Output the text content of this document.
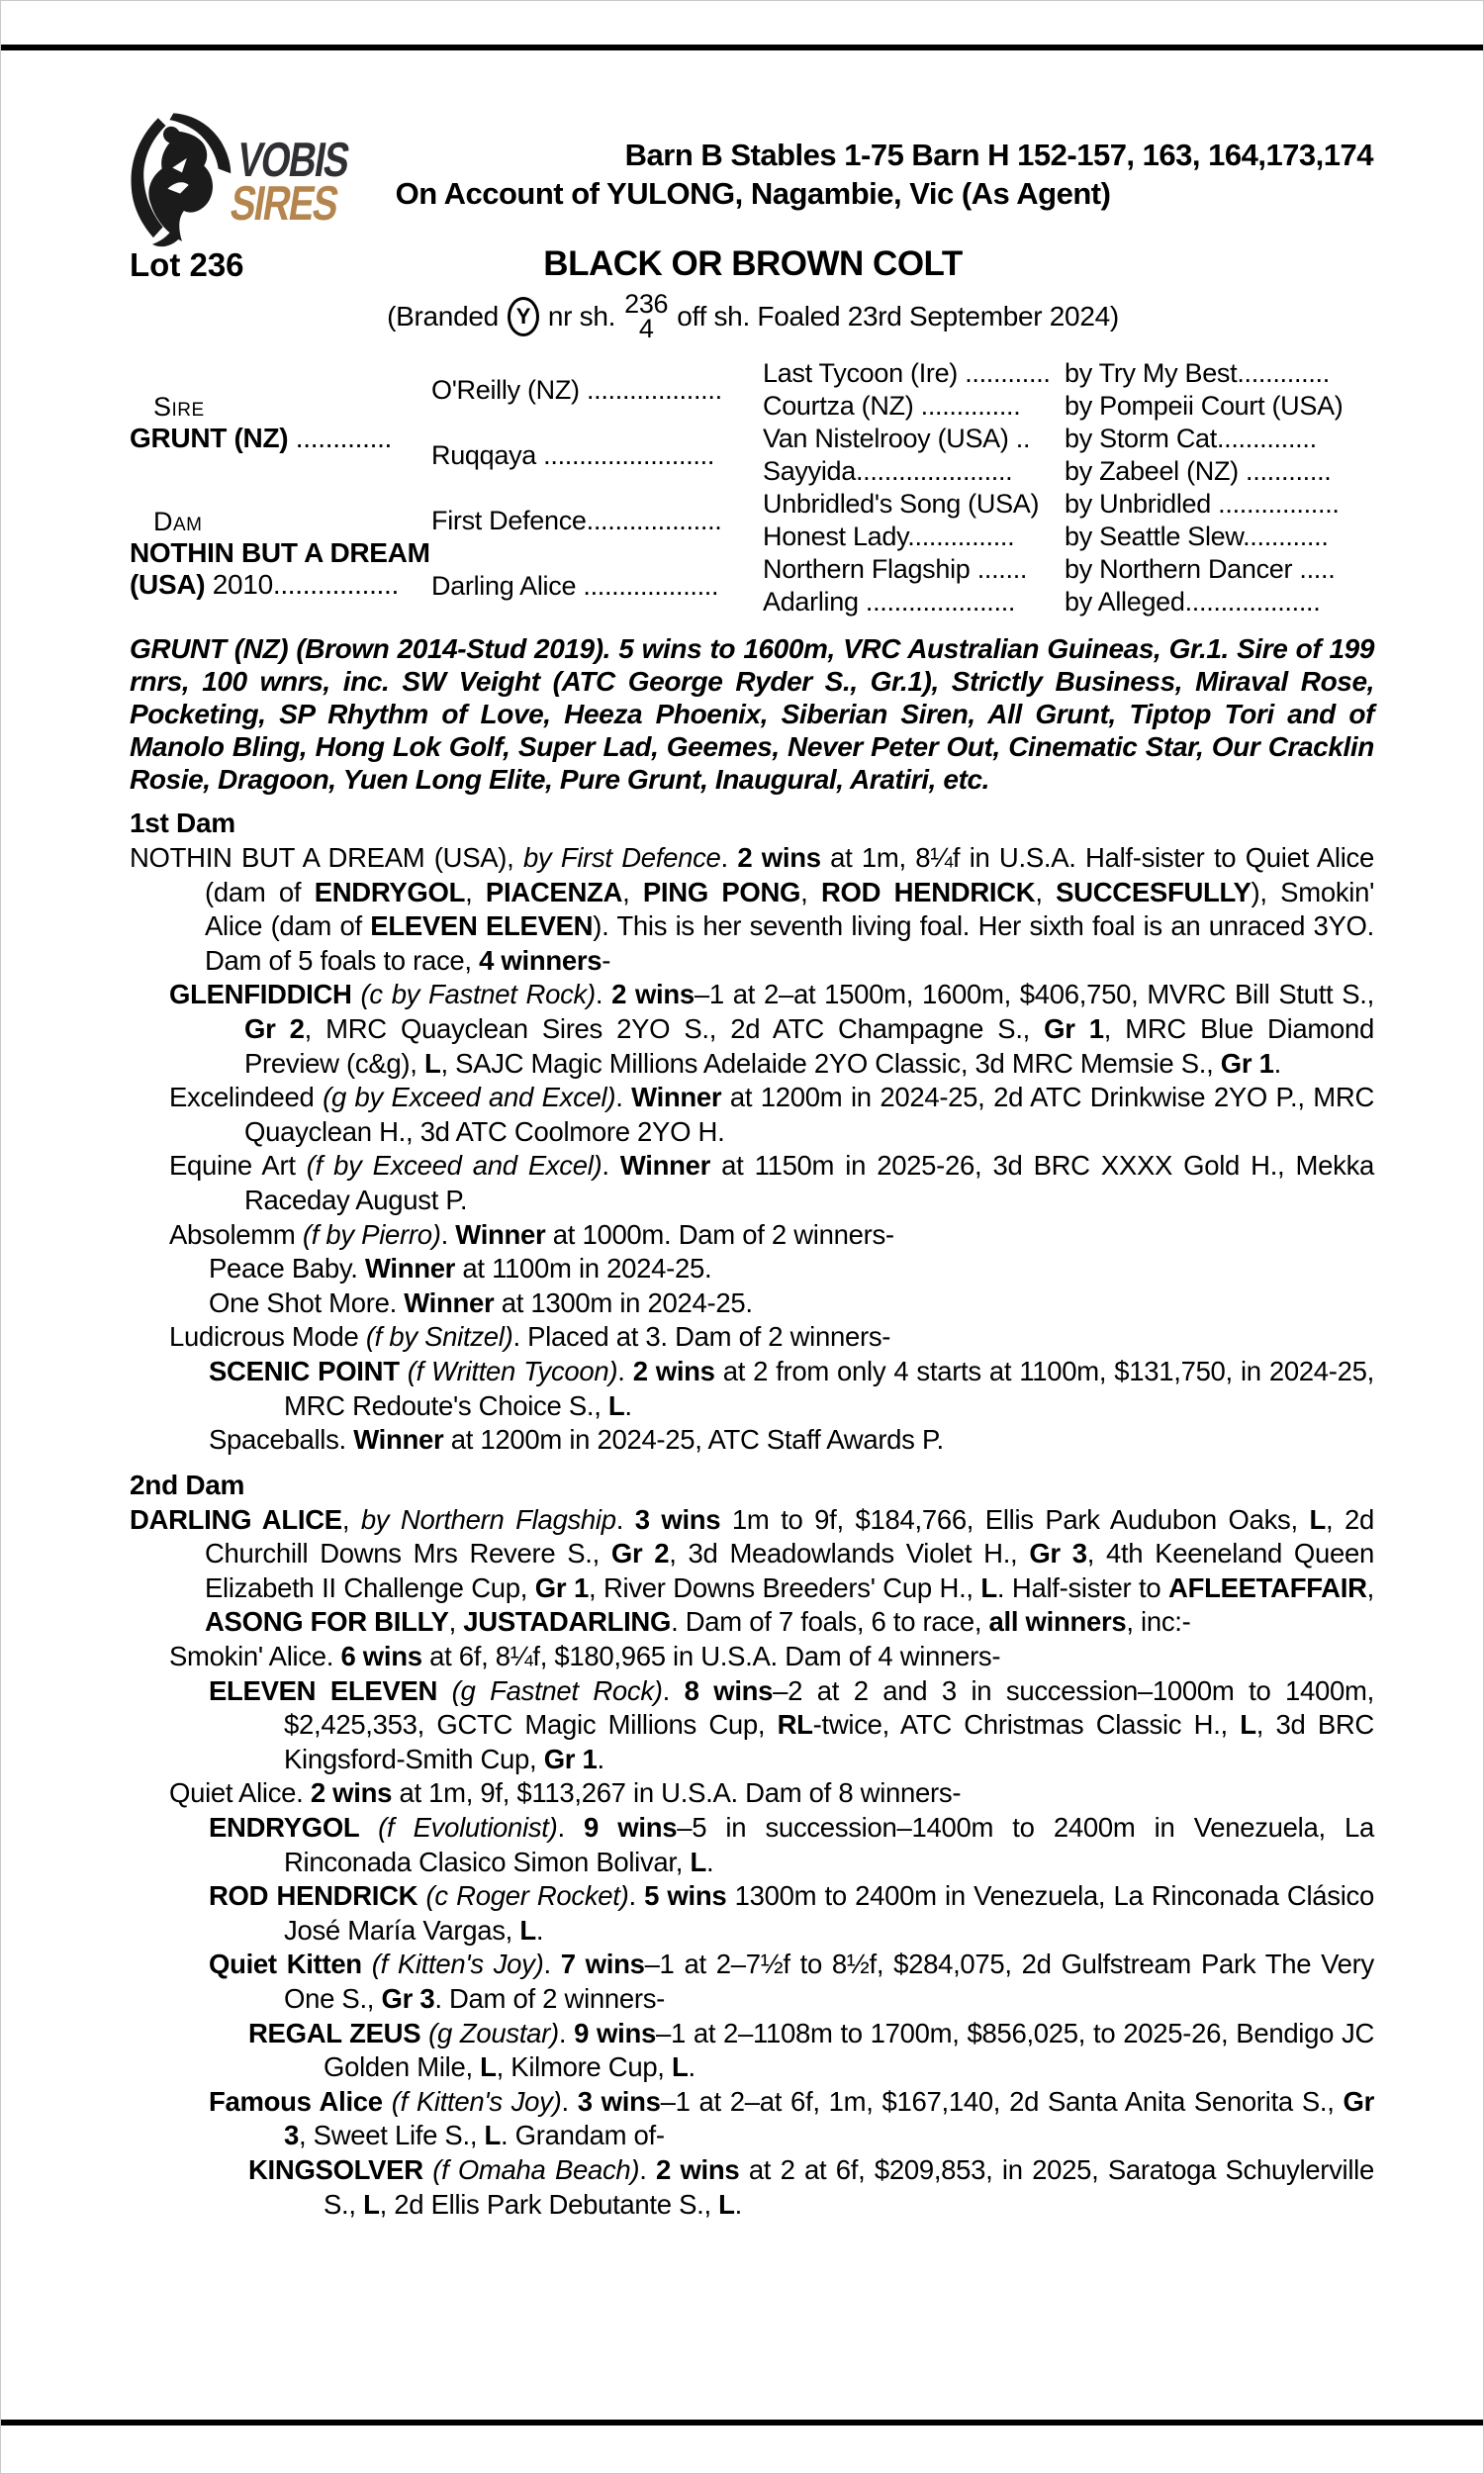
VOBIS
SIRES
Barn B Stables 1-75 Barn H 152-157, 163, 164,173,174
On Account of YULONG, Nagambie, Vic (As Agent)
Lot 236	BLACK OR BROWN COLT
(Branded Y nr sh. 236
4 off sh. Foaled 23rd September 2024)
Sire
GRUNT (NZ) .............
Dam
NOTHIN BUT A DREAM (USA) 2010.................
O'Reilly (NZ) ...................
Ruqqaya ........................
First Defence...................
Darling Alice ...................
Last Tycoon (Ire) ............
Courtza (NZ) ..............
Van Nistelrooy (USA) ..
Sayyida......................
Unbridled's Song (USA)
Honest Lady...............
Northern Flagship .......
Adarling .....................
by Try My Best.............
by Pompeii Court (USA)
by Storm Cat..............
by Zabeel (NZ) ............
by Unbridled .................
by Seattle Slew............
by Northern Dancer .....
by Alleged...................

GRUNT (NZ) (Brown 2014-Stud 2019). 5 wins to 1600m, VRC Australian Guineas, Gr.1. Sire of 199 rnrs, 100 wnrs, inc. SW Veight (ATC George Ryder S., Gr.1), Strictly Business, Miraval Rose, Pocketing, SP Rhythm of Love, Heeza Phoenix, Siberian Siren, All Grunt, Tiptop Tori and of Manolo Bling, Hong Lok Golf, Super Lad, Geemes, Never Peter Out, Cinematic Star, Our Cracklin Rosie, Dragoon, Yuen Long Elite, Pure Grunt, Inaugural, Aratiri, etc.

1st Dam

NOTHIN BUT A DREAM (USA), by First Defence. 2 wins at 1m, 8¼f in U.S.A. Half-sister to Quiet Alice (dam of ENDRYGOL, PIACENZA, PING PONG, ROD HENDRICK, SUCCESFULLY), Smokin' Alice (dam of ELEVEN ELEVEN). This is her seventh living foal. Her sixth foal is an unraced 3YO. Dam of 5 foals to race, 4 winners-

GLENFIDDICH (c by Fastnet Rock). 2 wins–1 at 2–at 1500m, 1600m, $406,750, MVRC Bill Stutt S., Gr 2, MRC Quayclean Sires 2YO S., 2d ATC Champagne S., Gr 1, MRC Blue Diamond Preview (c&g), L, SAJC Magic Millions Adelaide 2YO Classic, 3d MRC Memsie S., Gr 1.

Excelindeed (g by Exceed and Excel). Winner at 1200m in 2024-25, 2d ATC Drinkwise 2YO P., MRC Quayclean H., 3d ATC Coolmore 2YO H.

Equine Art (f by Exceed and Excel). Winner at 1150m in 2025-26, 3d BRC XXXX Gold H., Mekka Raceday August P.

Absolemm (f by Pierro). Winner at 1000m. Dam of 2 winners-

Peace Baby. Winner at 1100m in 2024-25.

One Shot More. Winner at 1300m in 2024-25.

Ludicrous Mode (f by Snitzel). Placed at 3. Dam of 2 winners-

SCENIC POINT (f Written Tycoon). 2 wins at 2 from only 4 starts at 1100m, $131,750, in 2024-25, MRC Redoute's Choice S., L.

Spaceballs. Winner at 1200m in 2024-25, ATC Staff Awards P.

2nd Dam

DARLING ALICE, by Northern Flagship. 3 wins 1m to 9f, $184,766, Ellis Park Audubon Oaks, L, 2d Churchill Downs Mrs Revere S., Gr 2, 3d Meadowlands Violet H., Gr 3, 4th Keeneland Queen Elizabeth II Challenge Cup, Gr 1, River Downs Breeders' Cup H., L. Half-sister to AFLEETAFFAIR, ASONG FOR BILLY, JUSTADARLING. Dam of 7 foals, 6 to race, all winners, inc:-

Smokin' Alice. 6 wins at 6f, 8¼f, $180,965 in U.S.A. Dam of 4 winners-

ELEVEN ELEVEN (g Fastnet Rock). 8 wins–2 at 2 and 3 in succession–1000m to 1400m, $2,425,353, GCTC Magic Millions Cup, RL-twice, ATC Christmas Classic H., L, 3d BRC Kingsford-Smith Cup, Gr 1.

Quiet Alice. 2 wins at 1m, 9f, $113,267 in U.S.A. Dam of 8 winners-

ENDRYGOL (f Evolutionist). 9 wins–5 in succession–1400m to 2400m in Venezuela, La Rinconada Clasico Simon Bolivar, L.

ROD HENDRICK (c Roger Rocket). 5 wins 1300m to 2400m in Venezuela, La Rinconada Clásico José María Vargas, L.

Quiet Kitten (f Kitten's Joy). 7 wins–1 at 2–7½f to 8½f, $284,075, 2d Gulfstream Park The Very One S., Gr 3. Dam of 2 winners-

REGAL ZEUS (g Zoustar). 9 wins–1 at 2–1108m to 1700m, $856,025, to 2025-26, Bendigo JC Golden Mile, L, Kilmore Cup, L.

Famous Alice (f Kitten's Joy). 3 wins–1 at 2–at 6f, 1m, $167,140, 2d Santa Anita Senorita S., Gr 3, Sweet Life S., L. Grandam of-

KINGSOLVER (f Omaha Beach). 2 wins at 2 at 6f, $209,853, in 2025, Saratoga Schuylerville S., L, 2d Ellis Park Debutante S., L.
